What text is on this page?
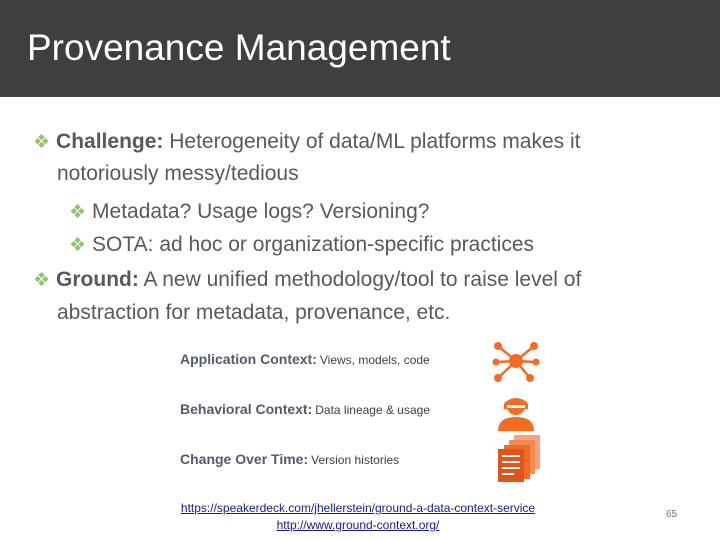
Provenance Management
❖ Challenge: Heterogeneity of data/ML platforms makes it
notoriously messy/tedious
❖ Metadata? Usage logs? Versioning?
❖ SOTA: ad hoc or organization-specific practices
❖ Ground: A new unified methodology/tool to raise level of
abstraction for metadata, provenance, etc.
Application Context: Views, models, code
Behavioral Context: Data lineage & usage
Change Over Time: Version histories
https://speakerdeck.com/jhellerstein/ground-a-data-context-service
http://www.ground-context.org/
65
